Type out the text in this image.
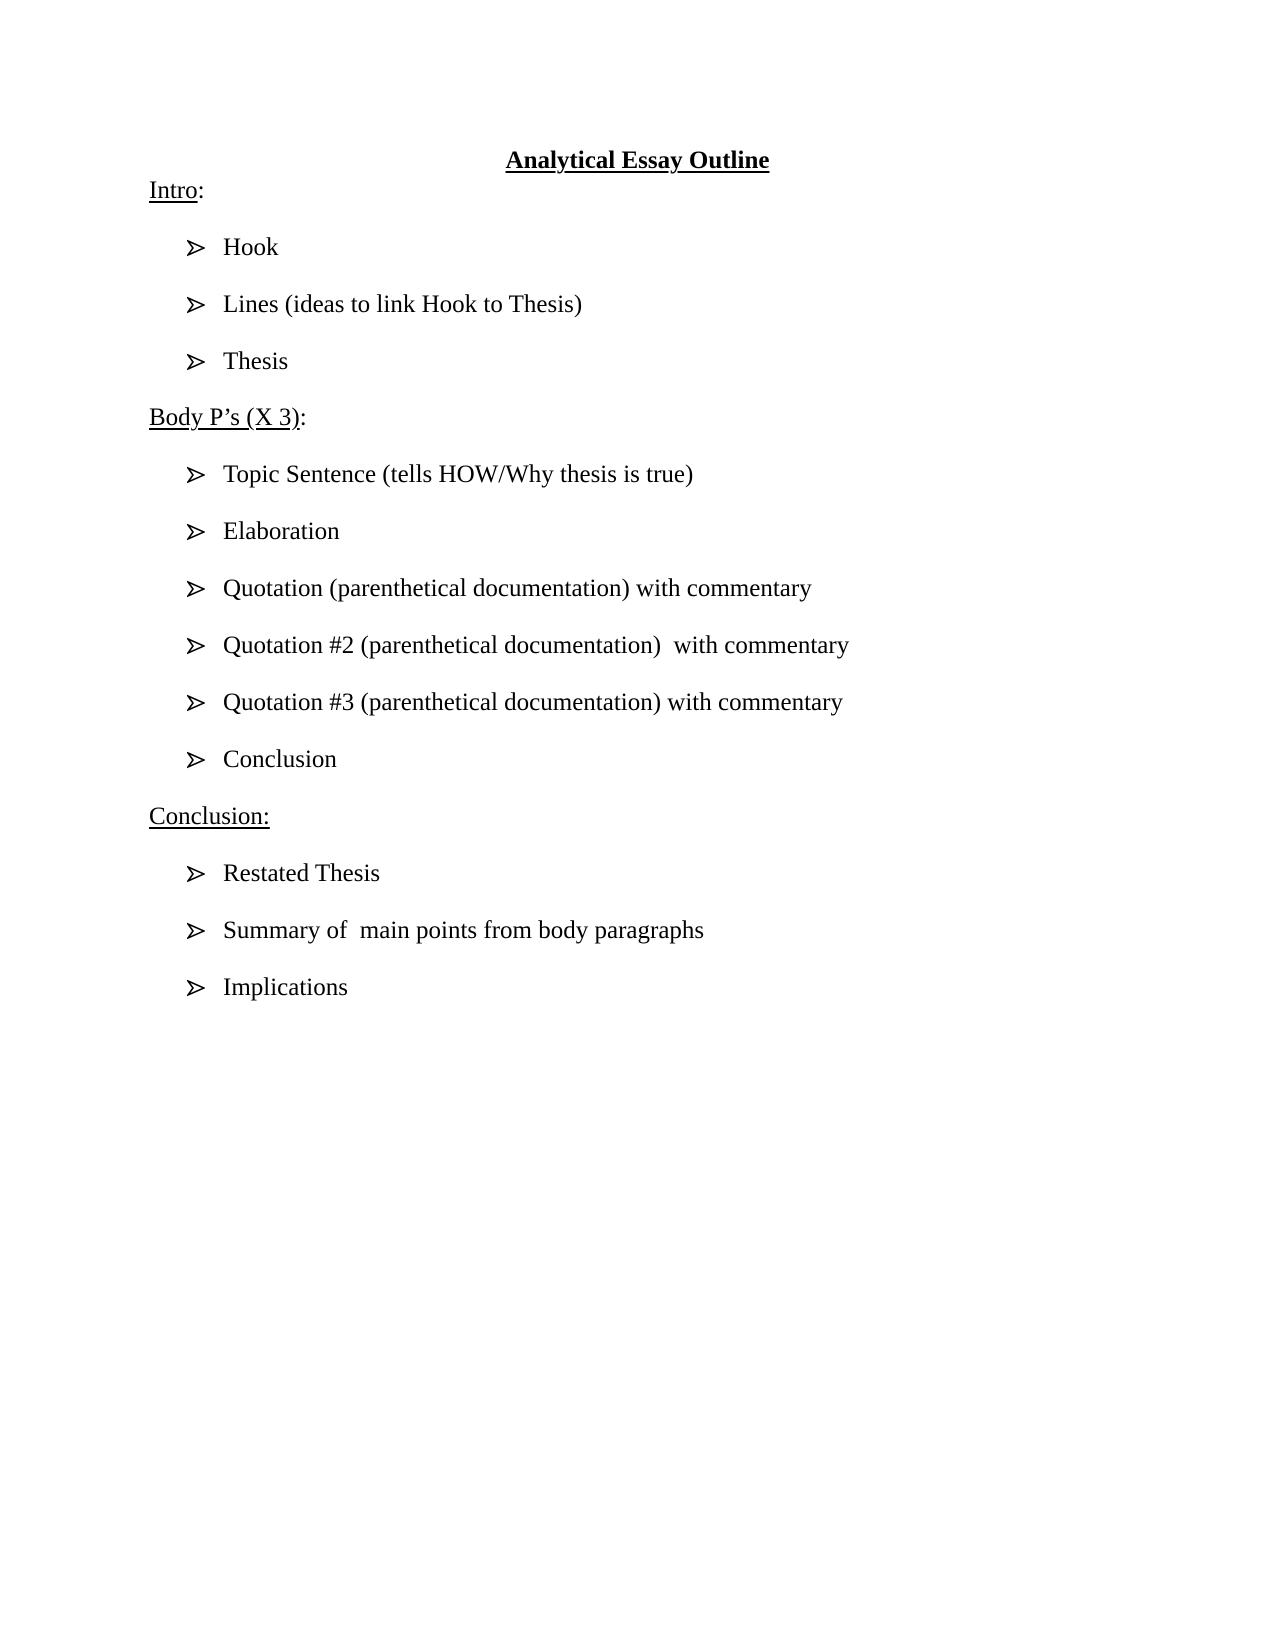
Analytical Essay Outline
Intro:

Hook

Lines (ideas to link Hook to Thesis)

Thesis

Body P’s (X 3):

Topic Sentence (tells HOW/Why thesis is true)

Elaboration

Quotation (parenthetical documentation) with commentary

Quotation #2 (parenthetical documentation)  with commentary

Quotation #3 (parenthetical documentation) with commentary

Conclusion

Conclusion:

Restated Thesis

Summary of  main points from body paragraphs

Implications
